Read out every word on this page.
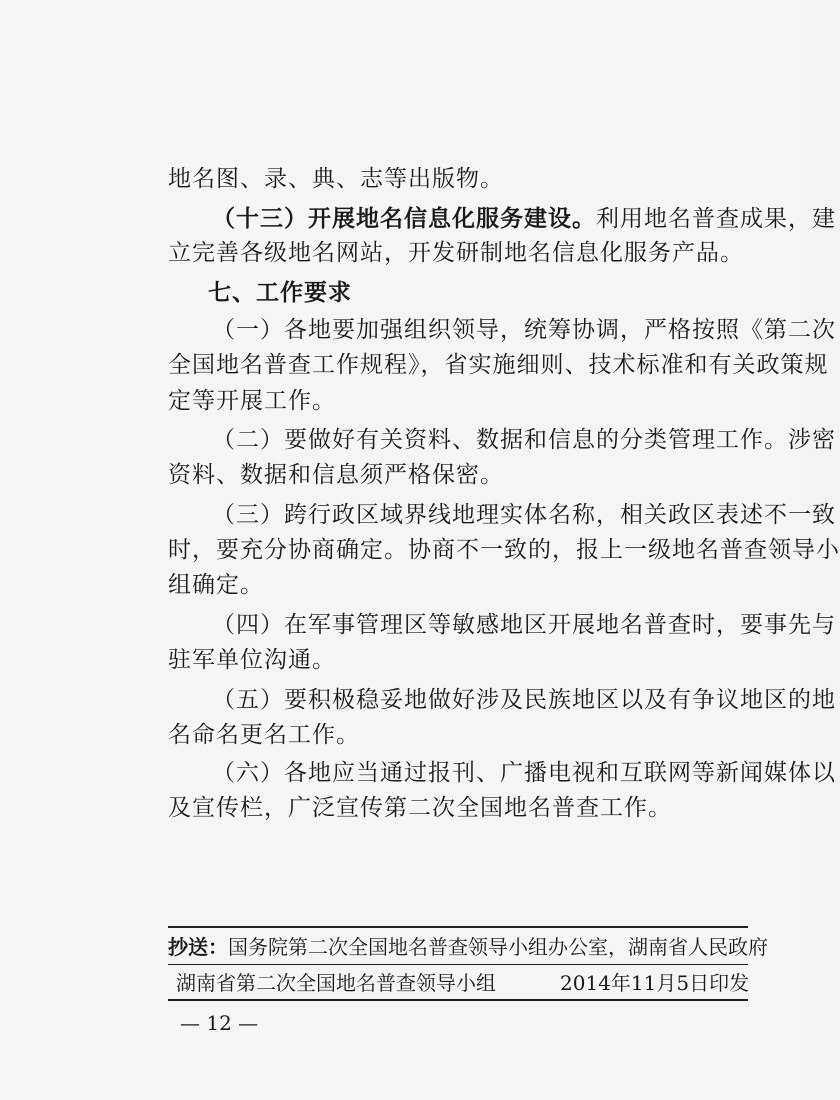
地名图、录、典、志等出版物。
（十三）开展地名信息化服务建设。利用地名普查成果，建
立完善各级地名网站，开发研制地名信息化服务产品。
七、工作要求
（一）各地要加强组织领导，统筹协调，严格按照《第二次
全国地名普查工作规程》，省实施细则、技术标准和有关政策规
定等开展工作。
（二）要做好有关资料、数据和信息的分类管理工作。涉密
资料、数据和信息须严格保密。
（三）跨行政区域界线地理实体名称，相关政区表述不一致
时，要充分协商确定。协商不一致的，报上一级地名普查领导小
组确定。
（四）在军事管理区等敏感地区开展地名普查时，要事先与
驻军单位沟通。
（五）要积极稳妥地做好涉及民族地区以及有争议地区的地
名命名更名工作。
（六）各地应当通过报刊、广播电视和互联网等新闻媒体以
及宣传栏，广泛宣传第二次全国地名普查工作。
抄送：国务院第二次全国地名普查领导小组办公室，湖南省人民政府
湖南省第二次全国地名普查领导小组	2014年11月5日印发
— 12 —
